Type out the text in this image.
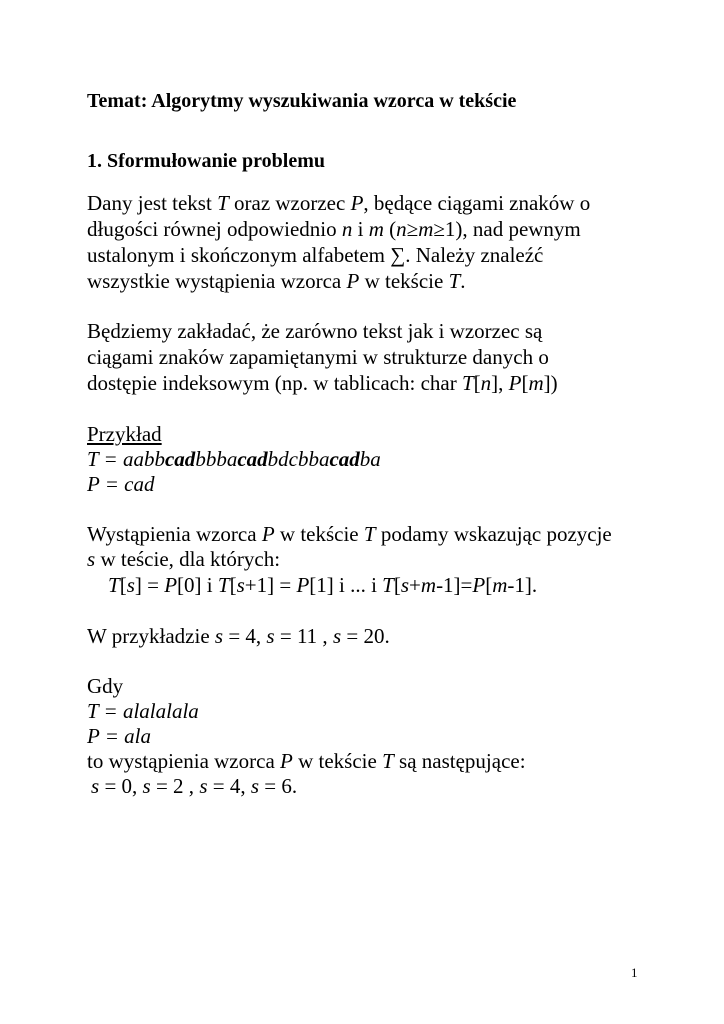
Temat: Algorytmy wyszukiwania wzorca w tekście
1. Sformułowanie problemu
Dany jest tekst T oraz wzorzec P, będące ciągami znaków o
długości równej odpowiednio n i m (n≥m≥1), nad pewnym
ustalonym i skończonym alfabetem ∑. Należy znaleźć
wszystkie wystąpienia wzorca P w tekście T.
Będziemy zakładać, że zarówno tekst jak i wzorzec są
ciągami znaków zapamiętanymi w strukturze danych o
dostępie indeksowym (np. w tablicach: char T[n], P[m])
Przykład
T = aabbcadbbbacadbdcbbacadba
P = cad
Wystąpienia wzorca P w tekście T podamy wskazując pozycje
s w teście, dla których:
T[s] = P[0] i T[s+1] = P[1] i ... i T[s+m-1]=P[m-1].
W przykładzie s = 4, s = 11 , s = 20.
Gdy
T = alalalala
P = ala
to wystąpienia wzorca P w tekście T są następujące:
s = 0, s = 2 , s = 4, s = 6.
1
